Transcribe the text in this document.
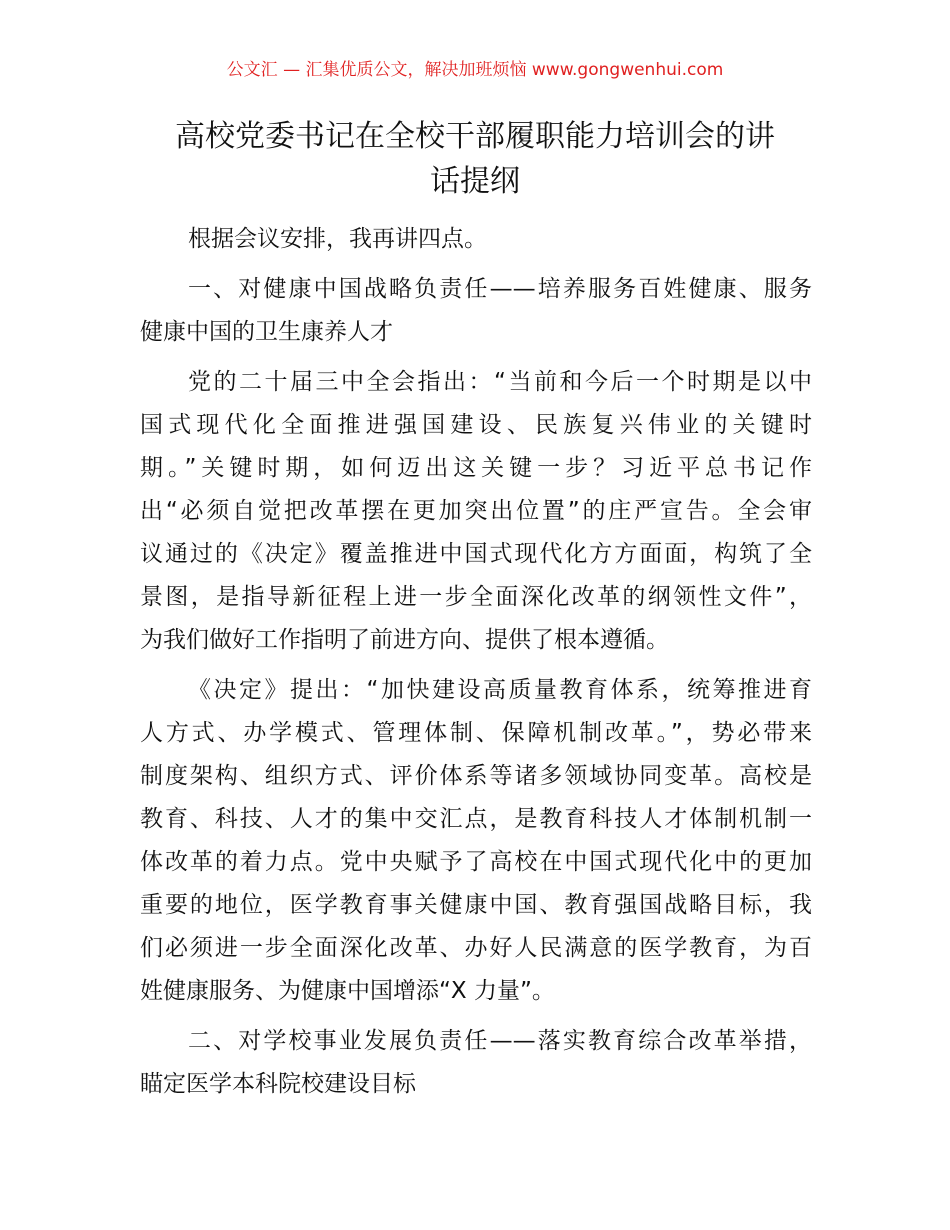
公文汇 — 汇集优质公文，解决加班烦恼 www.gongwenhui.com
高校党委书记在全校干部履职能力培训会的讲
话提纲
根据会议安排，我再讲四点。
一、对健康中国战略负责任——培养服务百姓健康、服务
健康中国的卫生康养人才
党的二十届三中全会指出：“当前和今后一个时期是以中
国式现代化全面推进强国建设、民族复兴伟业的关键时
期。”关键时期，如何迈出这关键一步？习近平总书记作
出“必须自觉把改革摆在更加突出位置”的庄严宣告。全会审
议通过的《决定》覆盖推进中国式现代化方方面面，构筑了全
景图，是指导新征程上进一步全面深化改革的纲领性文件”，
为我们做好工作指明了前进方向、提供了根本遵循。
《决定》提出：“加快建设高质量教育体系，统筹推进育
人方式、办学模式、管理体制、保障机制改革。”，势必带来
制度架构、组织方式、评价体系等诸多领域协同变革。高校是
教育、科技、人才的集中交汇点，是教育科技人才体制机制一
体改革的着力点。党中央赋予了高校在中国式现代化中的更加
重要的地位，医学教育事关健康中国、教育强国战略目标，我
们必须进一步全面深化改革、办好人民满意的医学教育，为百
姓健康服务、为健康中国增添“X 力量”。
二、对学校事业发展负责任——落实教育综合改革举措，
瞄定医学本科院校建设目标
